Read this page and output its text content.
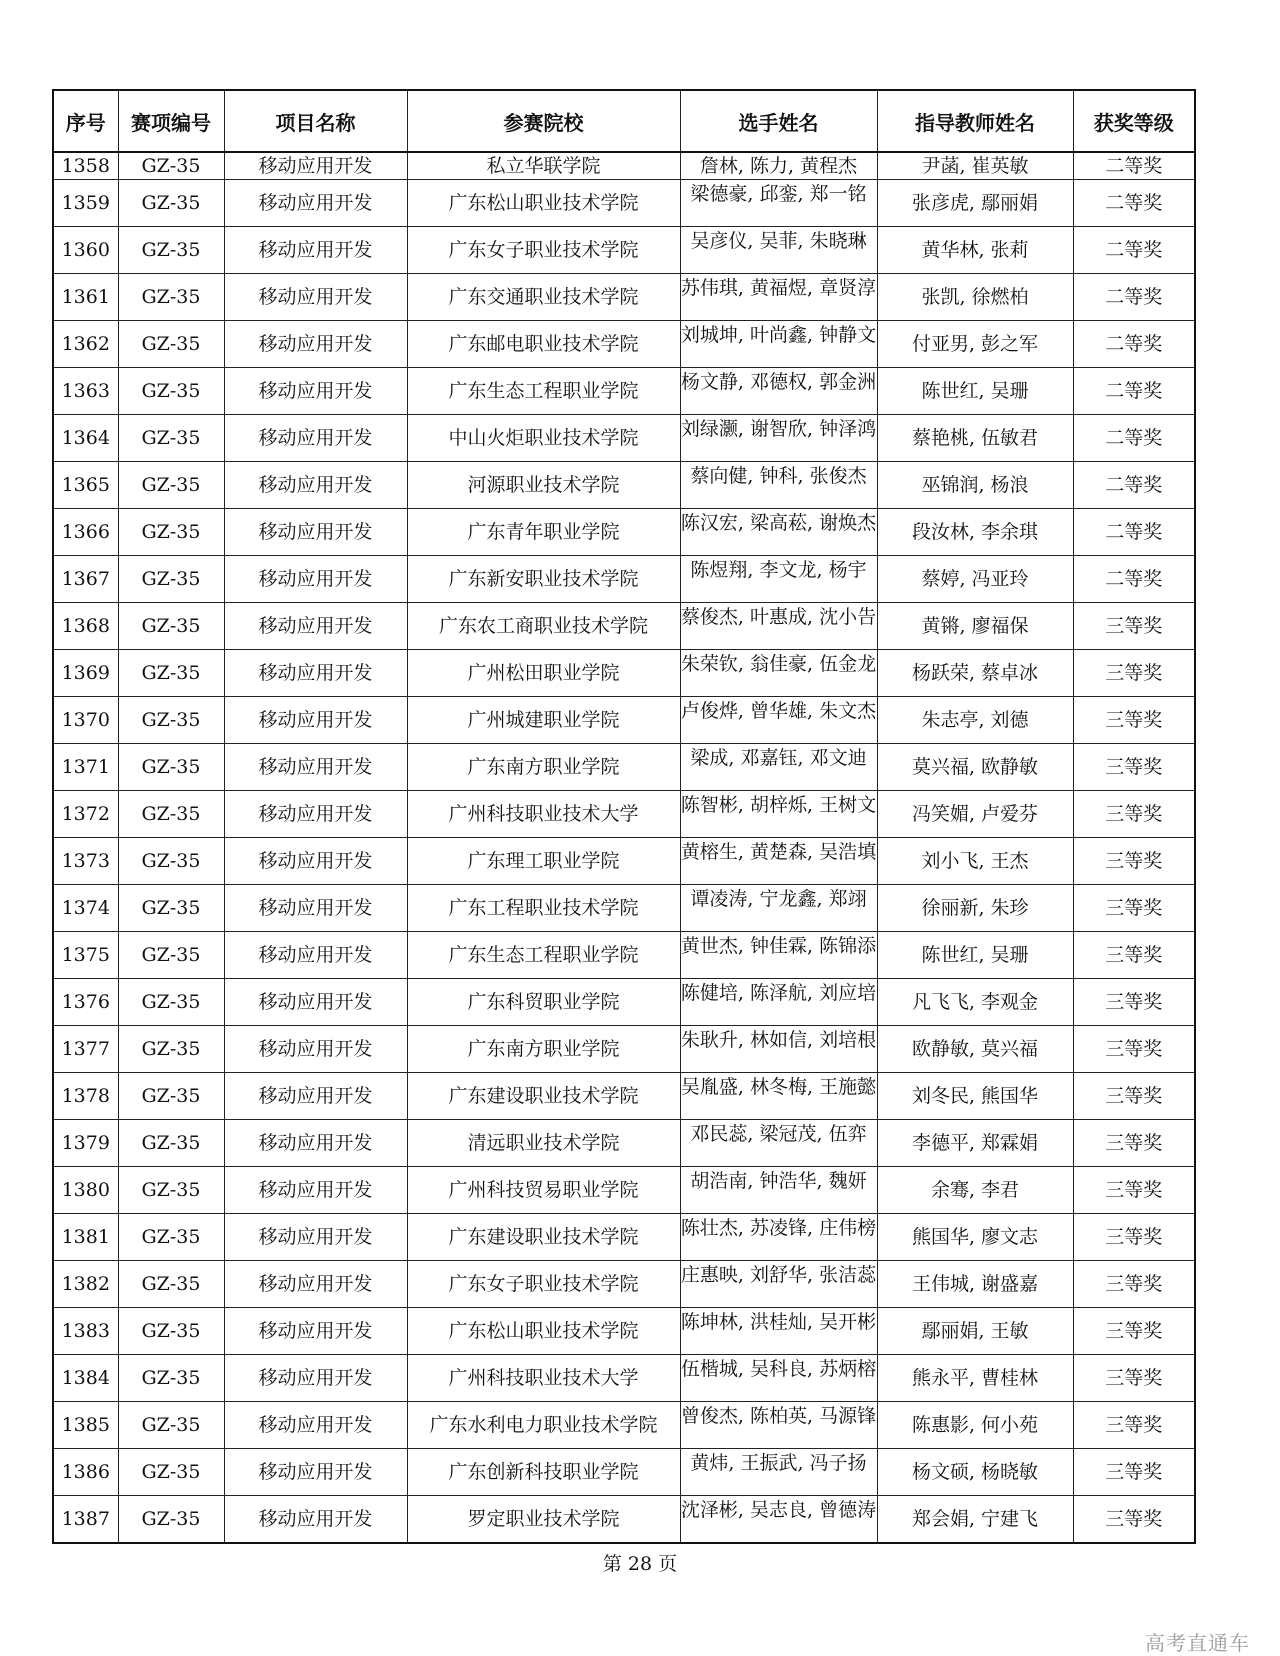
序号	赛项编号	项目名称	参赛院校	选手姓名	指导教师姓名	获奖等级
1358	GZ-35	移动应用开发	私立华联学院	詹林, 陈力, 黄程杰	尹菡, 崔英敏	二等奖
1359	GZ-35	移动应用开发	广东松山职业技术学院	梁德豪, 邱銮, 郑一铭	张彦虎, 鄢丽娟	二等奖
1360	GZ-35	移动应用开发	广东女子职业技术学院	吴彦仪, 吴菲, 朱晓琳	黄华林, 张莉	二等奖
1361	GZ-35	移动应用开发	广东交通职业技术学院	苏伟琪, 黄福煜, 章贤淳	张凯, 徐燃柏	二等奖
1362	GZ-35	移动应用开发	广东邮电职业技术学院	刘城坤, 叶尚鑫, 钟静文	付亚男, 彭之军	二等奖
1363	GZ-35	移动应用开发	广东生态工程职业学院	杨文静, 邓德权, 郭金洲	陈世红, 吴珊	二等奖
1364	GZ-35	移动应用开发	中山火炬职业技术学院	刘绿灏, 谢智欣, 钟泽鸿	蔡艳桃, 伍敏君	二等奖
1365	GZ-35	移动应用开发	河源职业技术学院	蔡向健, 钟科, 张俊杰	巫锦润, 杨浪	二等奖
1366	GZ-35	移动应用开发	广东青年职业学院	陈汉宏, 梁高菘, 谢焕杰	段汝林, 李余琪	二等奖
1367	GZ-35	移动应用开发	广东新安职业技术学院	陈煜翔, 李文龙, 杨宇	蔡婷, 冯亚玲	二等奖
1368	GZ-35	移动应用开发	广东农工商职业技术学院	蔡俊杰, 叶惠成, 沈小告	黄锵, 廖福保	三等奖
1369	GZ-35	移动应用开发	广州松田职业学院	朱荣钦, 翁佳豪, 伍金龙	杨跃荣, 蔡卓冰	三等奖
1370	GZ-35	移动应用开发	广州城建职业学院	卢俊烨, 曾华雄, 朱文杰	朱志亭, 刘德	三等奖
1371	GZ-35	移动应用开发	广东南方职业学院	梁成, 邓嘉钰, 邓文迪	莫兴福, 欧静敏	三等奖
1372	GZ-35	移动应用开发	广州科技职业技术大学	陈智彬, 胡梓烁, 王树文	冯笑媚, 卢爱芬	三等奖
1373	GZ-35	移动应用开发	广东理工职业学院	黄榕生, 黄楚森, 吴浩填	刘小飞, 王杰	三等奖
1374	GZ-35	移动应用开发	广东工程职业技术学院	谭凌涛, 宁龙鑫, 郑翊	徐丽新, 朱珍	三等奖
1375	GZ-35	移动应用开发	广东生态工程职业学院	黄世杰, 钟佳霖, 陈锦添	陈世红, 吴珊	三等奖
1376	GZ-35	移动应用开发	广东科贸职业学院	陈健培, 陈泽航, 刘应培	凡飞飞, 李观金	三等奖
1377	GZ-35	移动应用开发	广东南方职业学院	朱耿升, 林如信, 刘培根	欧静敏, 莫兴福	三等奖
1378	GZ-35	移动应用开发	广东建设职业技术学院	吴胤盛, 林冬梅, 王施懿	刘冬民, 熊国华	三等奖
1379	GZ-35	移动应用开发	清远职业技术学院	邓民蕊, 梁冠茂, 伍弈	李德平, 郑霖娟	三等奖
1380	GZ-35	移动应用开发	广州科技贸易职业学院	胡浩南, 钟浩华, 魏妍	余骞, 李君	三等奖
1381	GZ-35	移动应用开发	广东建设职业技术学院	陈壮杰, 苏凌锋, 庄伟榜	熊国华, 廖文志	三等奖
1382	GZ-35	移动应用开发	广东女子职业技术学院	庄惠映, 刘舒华, 张洁蕊	王伟城, 谢盛嘉	三等奖
1383	GZ-35	移动应用开发	广东松山职业技术学院	陈坤林, 洪桂灿, 吴开彬	鄢丽娟, 王敏	三等奖
1384	GZ-35	移动应用开发	广州科技职业技术大学	伍楷城, 吴科良, 苏炳榕	熊永平, 曹桂林	三等奖
1385	GZ-35	移动应用开发	广东水利电力职业技术学院	曾俊杰, 陈柏英, 马源锋	陈惠影, 何小苑	三等奖
1386	GZ-35	移动应用开发	广东创新科技职业学院	黄炜, 王振武, 冯子扬	杨文硕, 杨晓敏	三等奖
1387	GZ-35	移动应用开发	罗定职业技术学院	沈泽彬, 吴志良, 曾德涛	郑会娟, 宁建飞	三等奖
第 28 页
高考直通车
